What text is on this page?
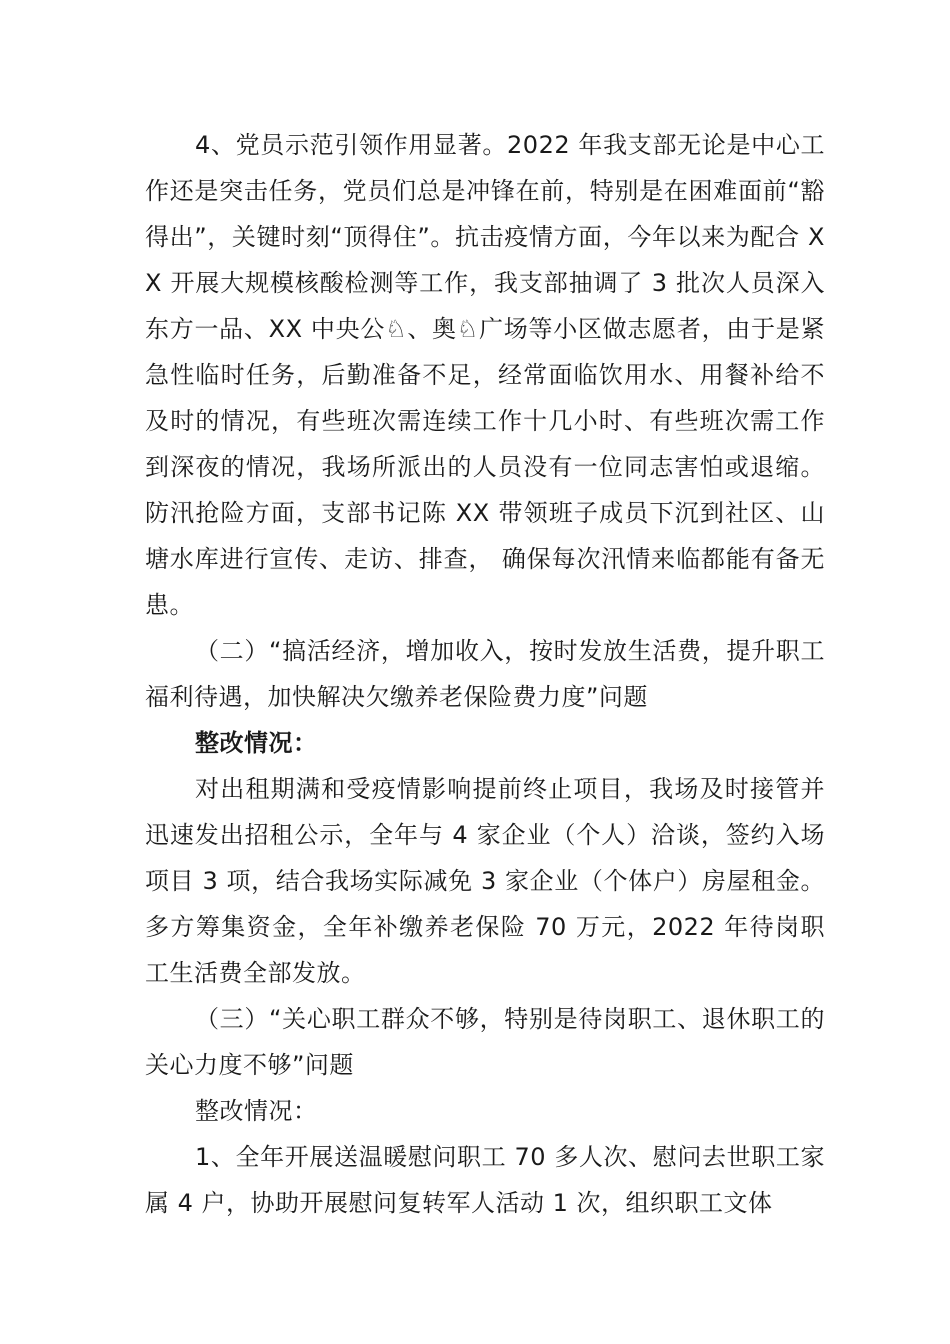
4、党员示范引领作用显著。2022 年我支部无论是中心工作还是突击任务，党员们总是冲锋在前，特别是在困难面前“豁得出”，关键时刻“顶得住”。抗击疫情方面，今年以来为配合 XX 开展大规模核酸检测等工作，我支部抽调了 3 批次人员深入东方一品、XX 中央公♘、奥♘广场等小区做志愿者，由于是紧急性临时任务，后勤准备不足，经常面临饮用水、用餐补给不及时的情况，有些班次需连续工作十几小时、有些班次需工作到深夜的情况，我场所派出的人员没有一位同志害怕或退缩。防汛抢险方面，支部书记陈 XX 带领班子成员下沉到社区、山塘水库进行宣传、走访、排查， 确保每次汛情来临都能有备无患。

（二）“搞活经济，增加收入，按时发放生活费，提升职工福利待遇，加快解决欠缴养老保险费力度”问题

整改情况：

对出租期满和受疫情影响提前终止项目，我场及时接管并迅速发出招租公示，全年与 4 家企业（个人）洽谈，签约入场项目 3 项，结合我场实际减免 3 家企业（个体户）房屋租金。多方筹集资金，全年补缴养老保险 70 万元，2022 年待岗职工生活费全部发放。

（三）“关心职工群众不够，特别是待岗职工、退休职工的关心力度不够”问题

整改情况：

1、全年开展送温暖慰问职工 70 多人次、慰问去世职工家属 4 户，协助开展慰问复转军人活动 1 次，组织职工文体
